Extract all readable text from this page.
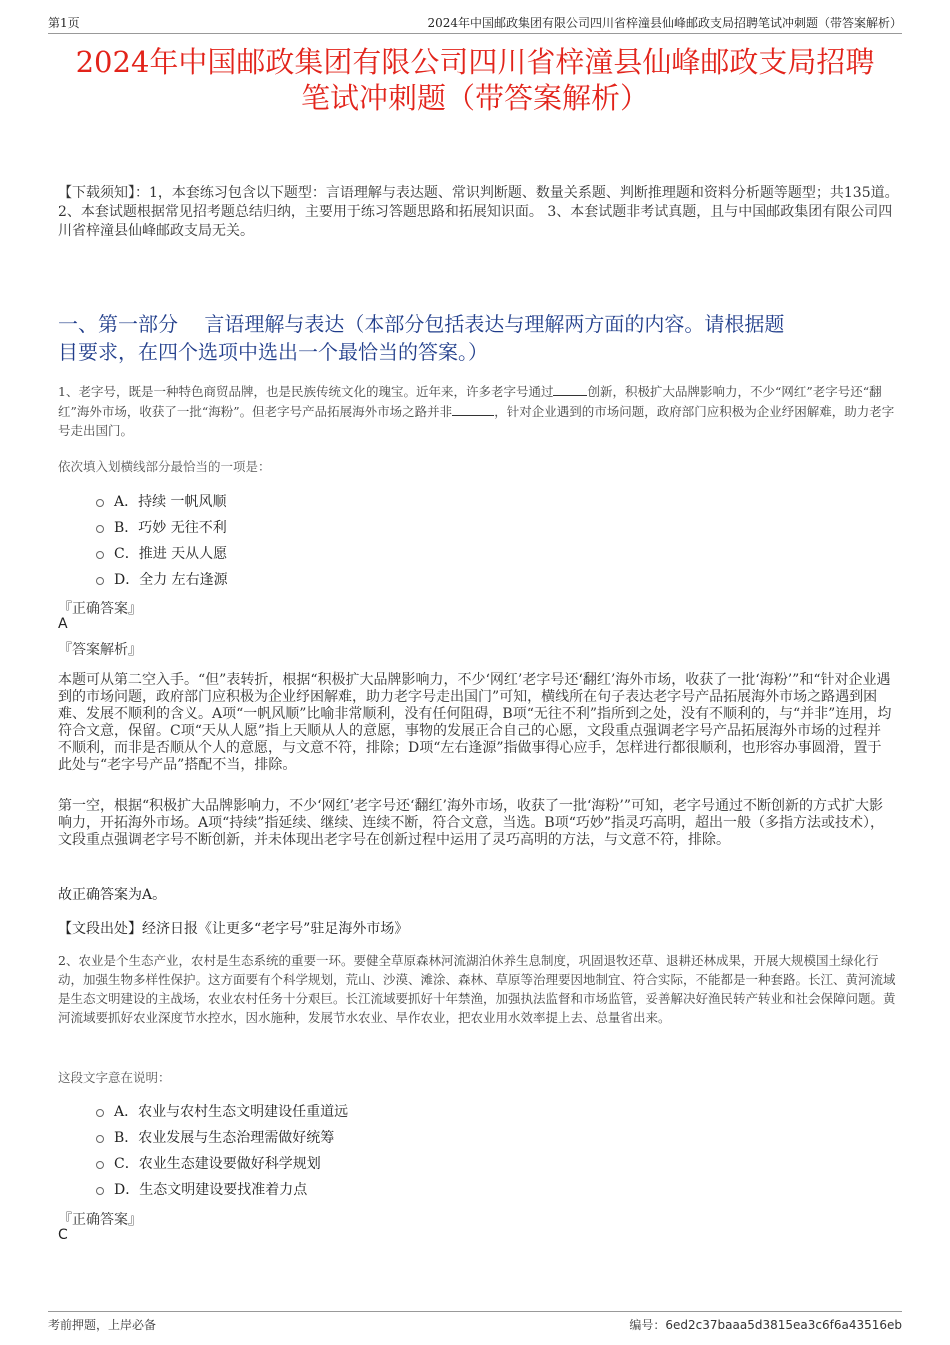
第1页	2024年中国邮政集团有限公司四川省梓潼县仙峰邮政支局招聘笔试冲刺题（带答案解析）
2024年中国邮政集团有限公司四川省梓潼县仙峰邮政支局招聘
笔试冲刺题（带答案解析）
【下载须知】：1，本套练习包含以下题型：言语理解与表达题、常识判断题、数量关系题、判断推理题和资料分析题等题型；共135道。 2、本套试题根据常见招考题总结归纳，主要用于练习答题思路和拓展知识面。 3、本套试题非考试真题，且与中国邮政集团有限公司四川省梓潼县仙峰邮政支局无关。
一、第一部分　 言语理解与表达（本部分包括表达与理解两方面的内容。请根据题
目要求，在四个选项中选出一个最恰当的答案。）
1、老字号，既是一种特色商贸品牌，也是民族传统文化的瑰宝。近年来，许多老字号通过	创新，积极扩大品牌影响力，不少“网红”老字号还“翻红”海外市场，收获了一批“海粉”。但老字号产品拓展海外市场之路并非	，针对企业遇到的市场问题，政府部门应积极为企业纾困解难，助力老字号走出国门。
依次填入划横线部分最恰当的一项是：
A．持续 一帆风顺
B．巧妙 无往不利
C．推进 天从人愿
D．全力 左右逢源
『正确答案』
A
『答案解析』
本题可从第二空入手。“但”表转折，根据“积极扩大品牌影响力，不少‘网红’老字号还‘翻红’海外市场，收获了一批‘海粉’”和“针对企业遇到的市场问题，政府部门应积极为企业纾困解难，助力老字号走出国门”可知，横线所在句子表达老字号产品拓展海外市场之路遇到困难、发展不顺利的含义。A项“一帆风顺”比喻非常顺利，没有任何阻碍，B项“无往不利”指所到之处，没有不顺利的，与“并非”连用，均符合文意，保留。C项“天从人愿”指上天顺从人的意愿，事物的发展正合自己的心愿，文段重点强调老字号产品拓展海外市场的过程并不顺利，而非是否顺从个人的意愿，与文意不符，排除；D项“左右逢源”指做事得心应手，怎样进行都很顺利，也形容办事圆滑，置于此处与“老字号产品”搭配不当，排除。
第一空，根据“积极扩大品牌影响力，不少‘网红’老字号还‘翻红’海外市场，收获了一批‘海粉’”可知，老字号通过不断创新的方式扩大影响力，开拓海外市场。A项“持续”指延续、继续、连续不断，符合文意，当选。B项“巧妙”指灵巧高明，超出一般（多指方法或技术），文段重点强调老字号不断创新，并未体现出老字号在创新过程中运用了灵巧高明的方法，与文意不符，排除。
故正确答案为A。
【文段出处】经济日报《让更多“老字号”驻足海外市场》
2、农业是个生态产业，农村是生态系统的重要一环。要健全草原森林河流湖泊休养生息制度，巩固退牧还草、退耕还林成果，开展大规模国土绿化行动，加强生物多样性保护。这方面要有个科学规划，荒山、沙漠、滩涂、森林、草原等治理要因地制宜、符合实际，不能都是一种套路。长江、黄河流域是生态文明建设的主战场，农业农村任务十分艰巨。长江流域要抓好十年禁渔，加强执法监督和市场监管，妥善解决好渔民转产转业和社会保障问题。黄河流域要抓好农业深度节水控水，因水施种，发展节水农业、旱作农业，把农业用水效率提上去、总量省出来。
这段文字意在说明：
A．农业与农村生态文明建设任重道远
B．农业发展与生态治理需做好统筹
C．农业生态建设要做好科学规划
D．生态文明建设要找准着力点
『正确答案』
C
考前押题，上岸必备	编号：6ed2c37baaa5d3815ea3c6f6a43516eb
